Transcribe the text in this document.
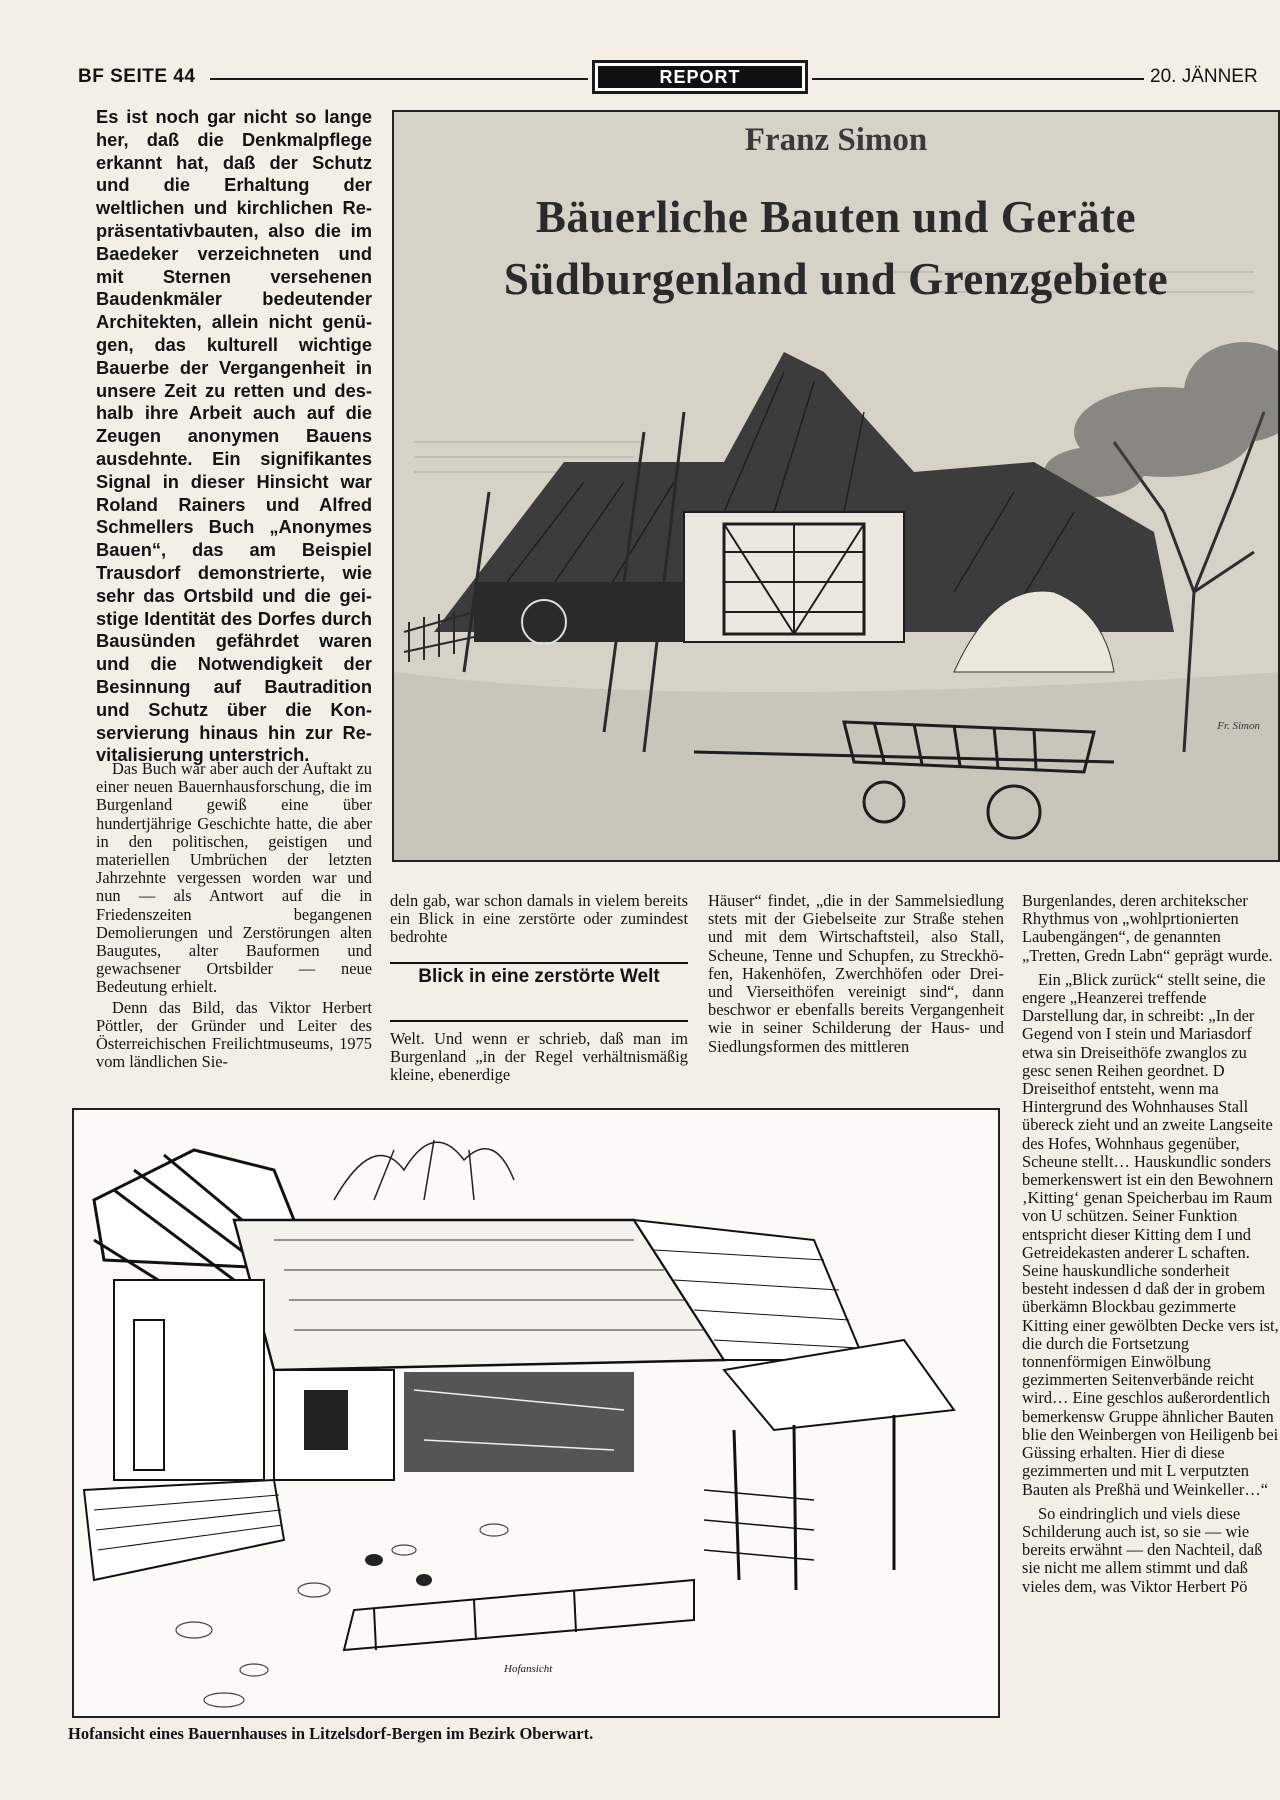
BF SEITE 44	REPORT	20. JÄNNER
Es ist noch gar nicht so lange her, daß die Denkmalpflege erkannt hat, daß der Schutz und die Erhaltung der weltlichen und kirchlichen Repräsentativbauten, also die im Baedeker verzeichneten und mit Sternen versehenen Baudenkmäler bedeutender Architekten, allein nicht genügen, das kulturell wichtige Bauerbe der Vergangenheit in unsere Zeit zu retten und deshalb ihre Arbeit auch auf die Zeugen anonymen Bauens ausdehnte. Ein signifikantes Signal in dieser Hinsicht war Roland Rainers und Alfred Schmellers Buch „Anonymes Bauen“, das am Beispiel Trausdorf demonstrierte, wie sehr das Ortsbild und die geistige Identität des Dorfes durch Bausünden gefährdet waren und die Notwendigkeit der Besinnung auf Bautradition und Schutz über die Konservierung hinaus hin zur Revitalisierung unterstrich.

Das Buch war aber auch der Auftakt zu einer neuen Bauernhausforschung, die im Burgenland gewiß eine über hundertjährige Geschichte hatte, die aber in den politischen, geistigen und materiellen Umbrüchen der letzten Jahrzehnte vergessen worden war und nun — als Antwort auf die in Friedenszeiten begangenen Demolierungen und Zerstörungen alten Baugutes, alter Bauformen und gewachsener Ortsbilder — neue Bedeutung erhielt.

Denn das Bild, das Viktor Herbert Pöttler, der Gründer und Leiter des Österreichischen Freilichtmuseums, 1975 vom ländlichen Sie-

Franz Simon
Bäuerliche Bauten und Geräte
Südburgenland und Grenzgebiete
Fr. Simon

deln gab, war schon damals in vielem bereits ein Blick in eine zerstörte oder zumindest bedrohte

Blick in eine zerstörte Welt

Welt. Und wenn er schrieb, daß man im Burgenland „in der Regel verhältnismäßig kleine, ebenerdige

Häuser“ findet, „die in der Sammelsiedlung stets mit der Giebelseite zur Straße stehen und mit dem Wirtschaftsteil, also Stall, Scheune, Tenne und Schupfen, zu Streckhöfen, Hakenhöfen, Zwerchhöfen oder Drei- und Vierseithöfen vereinigt sind“, dann beschwor er ebenfalls bereits Vergangenheit wie in seiner Schilderung der Haus- und Siedlungsformen des mittleren

Burgenlandes, deren architekscher Rhythmus von „wohlprtionierten Laubengängen“, de genannten „Tretten, Gredn Labn“ geprägt wurde.

Ein „Blick zurück“ stellt seine, die engere „Heanzerei treffende Darstellung dar, in schreibt: „In der Gegend von I stein und Mariasdorf etwa sin Dreiseithöfe zwanglos zu gesc senen Reihen geordnet. D Dreiseithof entsteht, wenn ma Hintergrund des Wohnhauses Stall übereck zieht und an zweite Langseite des Hofes, Wohnhaus gegenüber, Scheune stellt… Hauskundlic sonders bemerkenswert ist ein den Bewohnern ‚Kitting‘ genan Speicherbau im Raum von U schützen. Seiner Funktion entspricht dieser Kitting dem I und Getreidekasten anderer L schaften. Seine hauskundliche sonderheit besteht indessen d daß der in grobem überkämn Blockbau gezimmerte Kitting einer gewölbten Decke vers ist, die durch die Fortsetzung tonnenförmigen Einwölbung gezimmerten Seitenverbände reicht wird… Eine geschlos außerordentlich bemerkensw Gruppe ähnlicher Bauten blie den Weinbergen von Heiligenb bei Güssing erhalten. Hier di diese gezimmerten und mit L verputzten Bauten als Preßhä und Weinkeller…“

So eindringlich und viels diese Schilderung auch ist, so sie — wie bereits erwähnt — den Nachteil, daß sie nicht me allem stimmt und daß vieles dem, was Viktor Herbert Pö

Hofansicht
Hofansicht eines Bauernhauses in Litzelsdorf-Bergen im Bezirk Oberwart.
